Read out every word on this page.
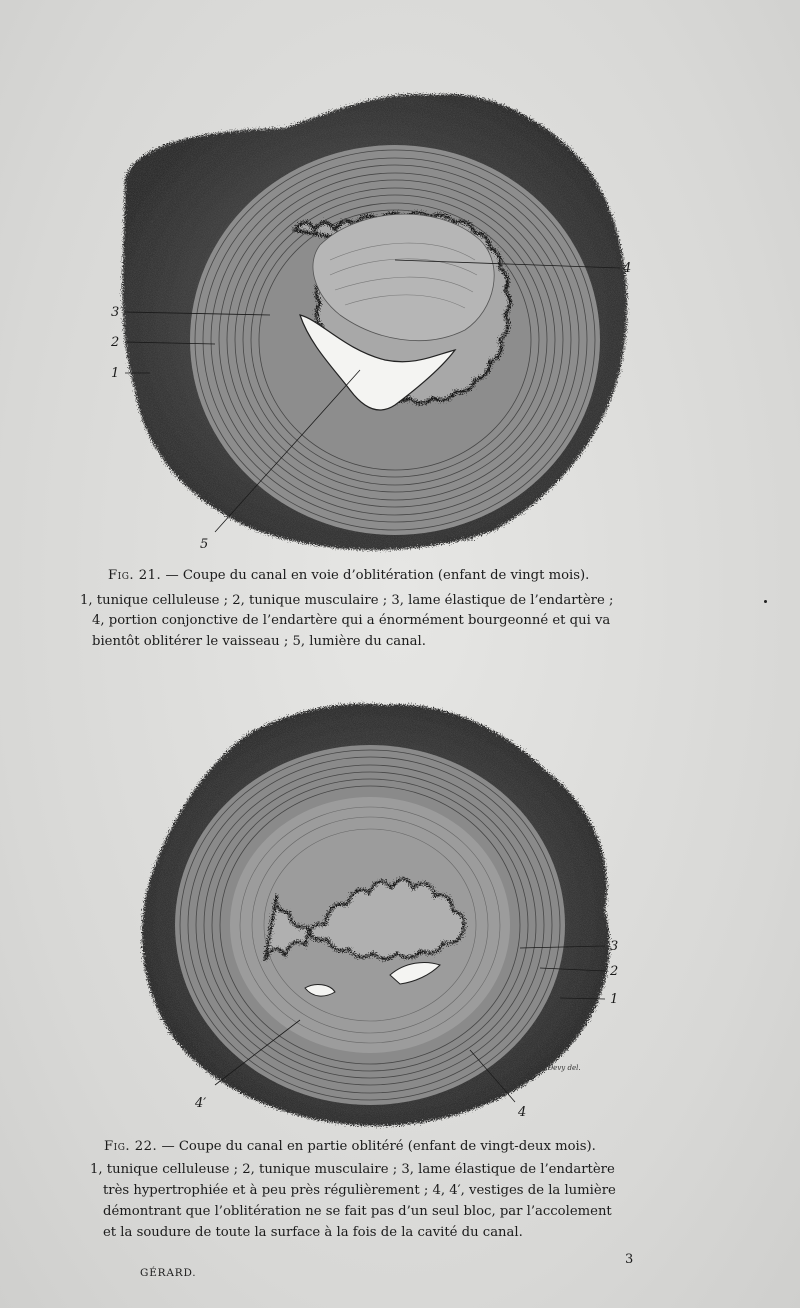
4
3
2
1
5	G.Devy del.
Fig. 21. — Coupe du canal en voie d’oblitération (enfant de vingt mois).
1, tunique celluleuse ; 2, tunique musculaire ; 3, lame élastique de l’endartère ;
4, portion conjonctive de l’endartère qui a énormément bourgeonné et qui va
bientôt oblitérer le vaisseau ; 5, lumière du canal.
3
2
1
4′
4
G.Devy del.
Fig. 22. — Coupe du canal en partie oblitéré (enfant de vingt-deux mois).
1, tunique celluleuse ; 2, tunique musculaire ; 3, lame élastique de l’endartère
très hypertrophiée et à peu près régulièrement ; 4, 4′, vestiges de la lumière
démontrant que l’oblitération ne se fait pas d’un seul bloc, par l’accolement
et la soudure de toute la surface à la fois de la cavité du canal.
GÉRARD.
3
